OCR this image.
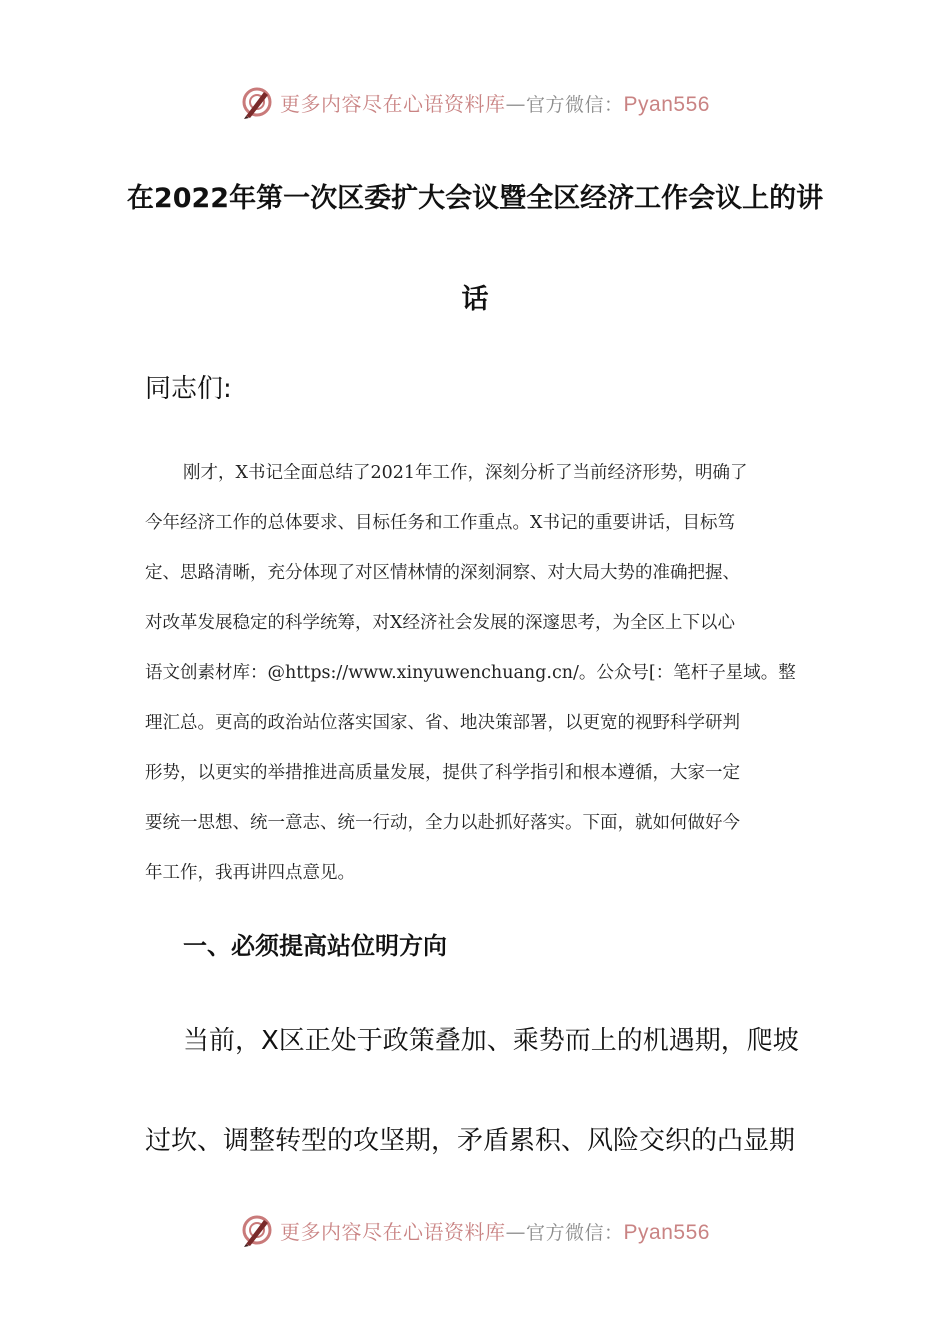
更多内容尽在心语资料库—官方微信：Pyan556
在2022年第一次区委扩大会议暨全区经济工作会议上的讲
话

同志们:

刚才，X书记全面总结了2021年工作，深刻分析了当前经济形势，明确了

今年经济工作的总体要求、目标任务和工作重点。X书记的重要讲话，目标笃

定、思路清晰，充分体现了对区情林情的深刻洞察、对大局大势的准确把握、

对改革发展稳定的科学统筹，对X经济社会发展的深邃思考，为全区上下以心

语文创素材库：@https://www.xinyuwenchuang.cn/。公众号[：笔杆子星域。整

理汇总。更高的政治站位落实国家、省、地决策部署，以更宽的视野科学研判

形势，以更实的举措推进高质量发展，提供了科学指引和根本遵循，大家一定

要统一思想、统一意志、统一行动，全力以赴抓好落实。下面，就如何做好今

年工作，我再讲四点意见。

一、必须提高站位明方向

当前，X区正处于政策叠加、乘势而上的机遇期，爬坡

过坎、调整转型的攻坚期，矛盾累积、风险交织的凸显期

更多内容尽在心语资料库—官方微信：Pyan556
